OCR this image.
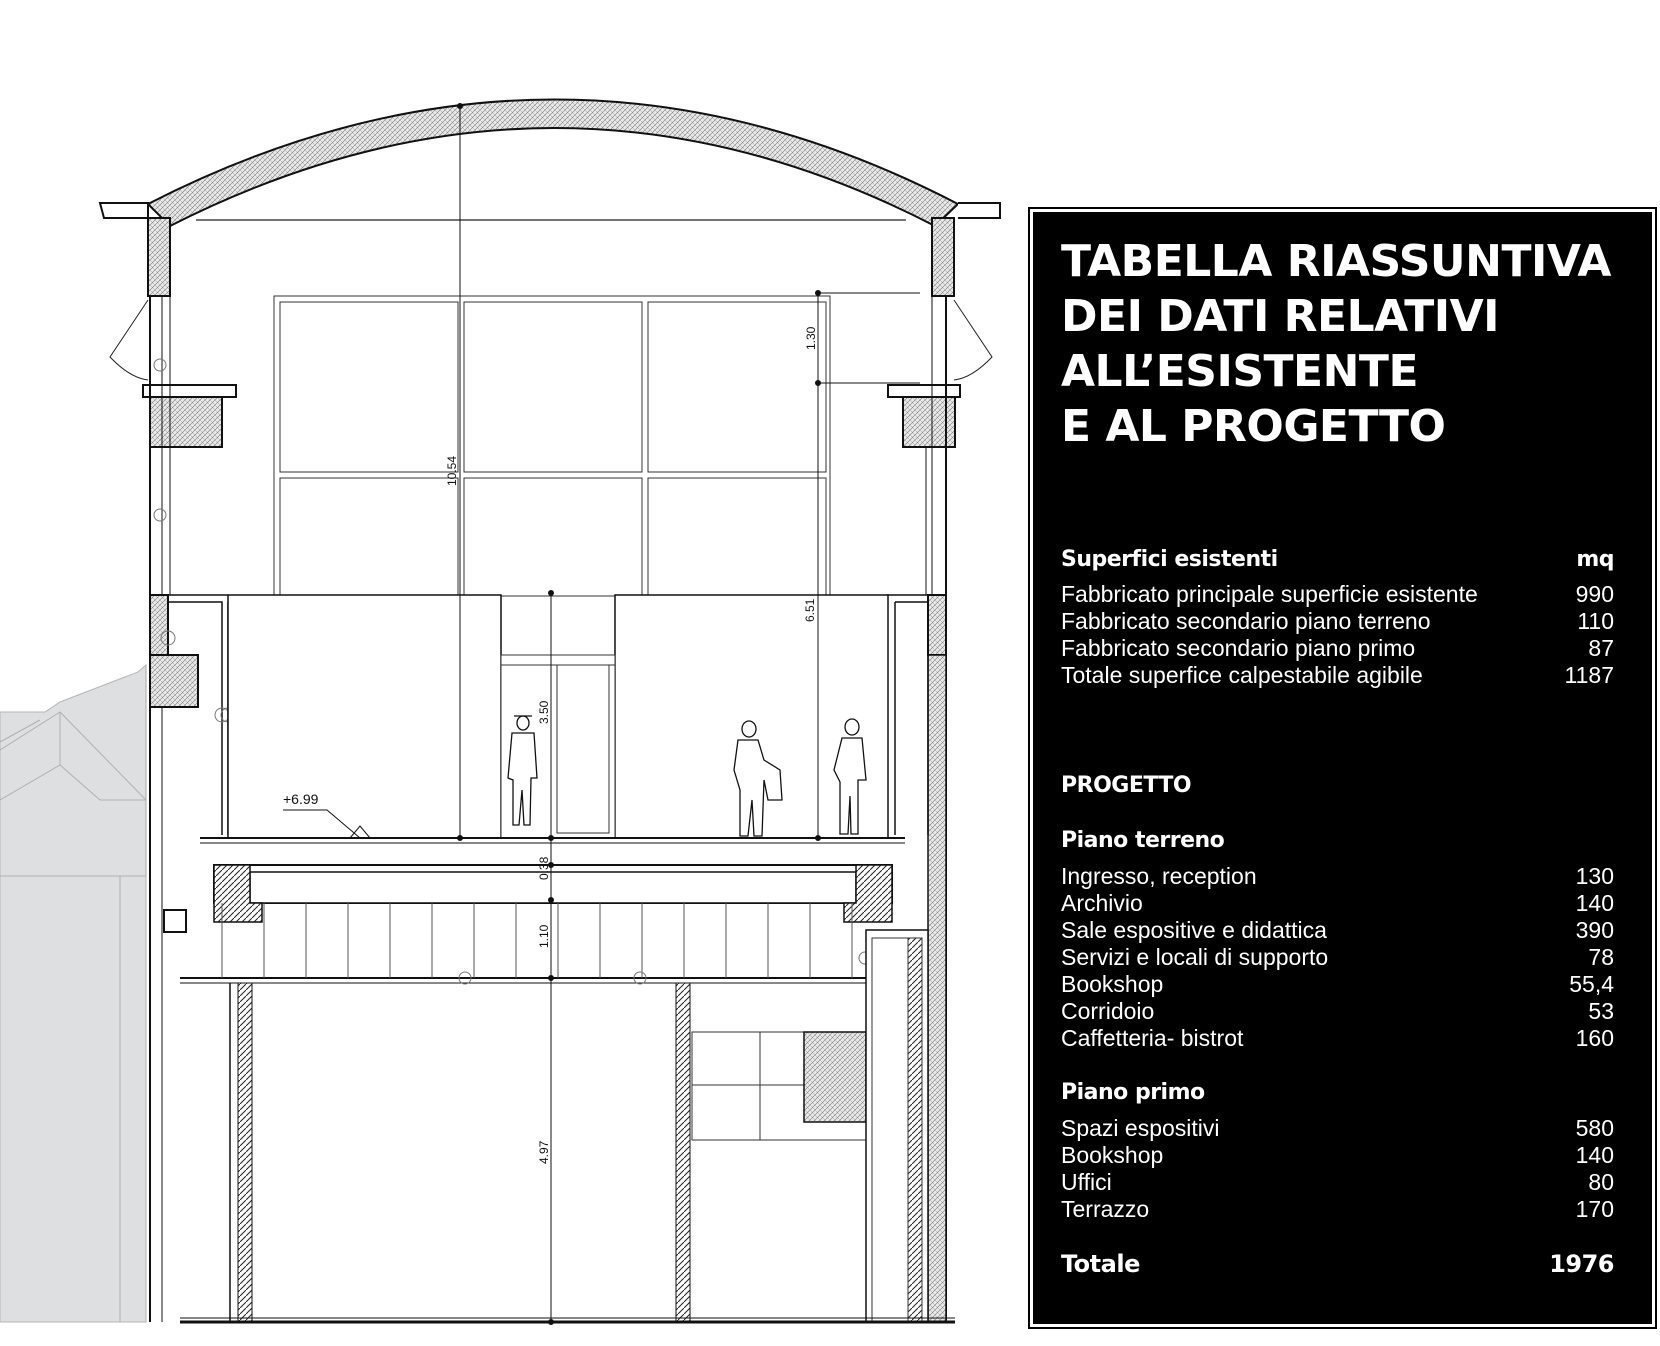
1.30
10.54
6.51
3.50
0.38
1.10
4.97
+6.99
TABELLA RIASSUNTIVA
DEI DATI RELATIVI
ALL’ESISTENTE
E AL PROGETTO
Superfici esistenti	mq
Fabbricato principale superficie esistente	990
Fabbricato secondario piano terreno	110
Fabbricato secondario piano primo	87
Totale superfice calpestabile agibile	1187
PROGETTO
Piano terreno
Ingresso, reception	130
Archivio	140
Sale espositive e didattica	390
Servizi e locali di supporto	78
Bookshop	55,4
Corridoio	53
Caffetteria- bistrot	160
Piano primo
Spazi espositivi	580
Bookshop	140
Uffici	80
Terrazzo	170
Totale	1976
